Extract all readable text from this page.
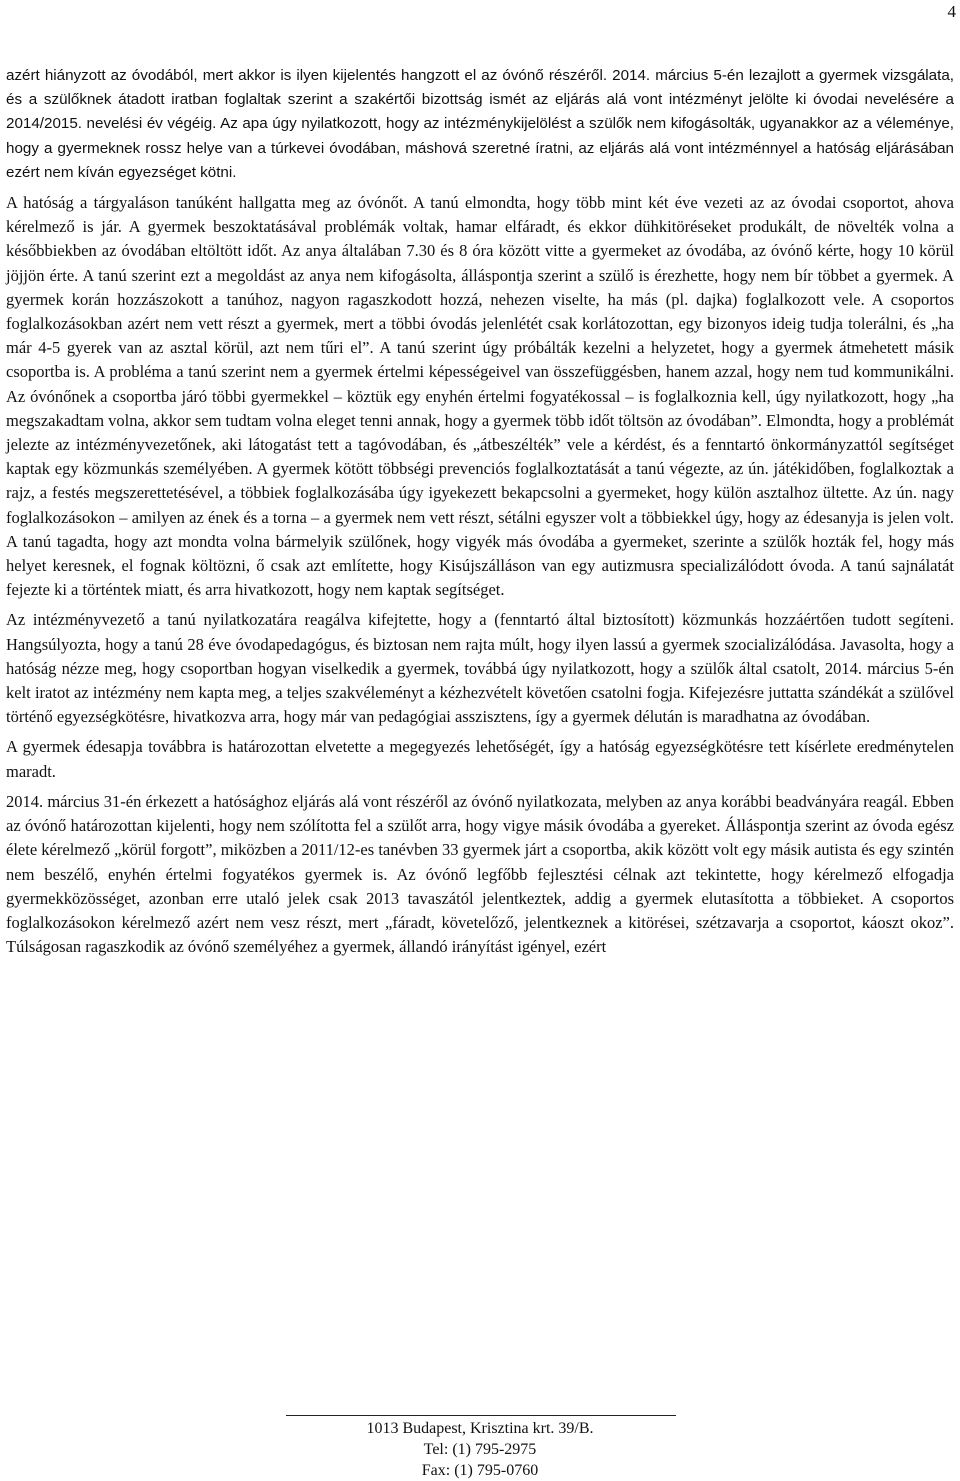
4

azért hiányzott az óvodából, mert akkor is ilyen kijelentés hangzott el az óvónő részéről. 2014. március 5-én lezajlott a gyermek vizsgálata, és a szülőknek átadott iratban foglaltak szerint a szakértői bizottság ismét az eljárás alá vont intézményt jelölte ki óvodai nevelésére a 2014/2015. nevelési év végéig. Az apa úgy nyilatkozott, hogy az intézménykijelölést a szülők nem kifogásolták, ugyanakkor az a véleménye, hogy a gyermeknek rossz helye van a túrkevei óvodában, máshová szeretné íratni, az eljárás alá vont intézménnyel a hatóság eljárásában ezért nem kíván egyezséget kötni.

A hatóság a tárgyaláson tanúként hallgatta meg az óvónőt. A tanú elmondta, hogy több mint két éve vezeti az az óvodai csoportot, ahova kérelmező is jár. A gyermek beszoktatásával problémák voltak, hamar elfáradt, és ekkor dühkitöréseket produkált, de növelték volna a későbbiekben az óvodában eltöltött időt. Az anya általában 7.30 és 8 óra között vitte a gyermeket az óvodába, az óvónő kérte, hogy 10 körül jöjjön érte. A tanú szerint ezt a megoldást az anya nem kifogásolta, álláspontja szerint a szülő is érezhette, hogy nem bír többet a gyermek. A gyermek korán hozzászokott a tanúhoz, nagyon ragaszkodott hozzá, nehezen viselte, ha más (pl. dajka) foglalkozott vele. A csoportos foglalkozásokban azért nem vett részt a gyermek, mert a többi óvodás jelenlétét csak korlátozottan, egy bizonyos ideig tudja tolerálni, és „ha már 4-5 gyerek van az asztal körül, azt nem tűri el”. A tanú szerint úgy próbálták kezelni a helyzetet, hogy a gyermek átmehetett másik csoportba is. A probléma a tanú szerint nem a gyermek értelmi képességeivel van összefüggésben, hanem azzal, hogy nem tud kommunikálni. Az óvónőnek a csoportba járó többi gyermekkel – köztük egy enyhén értelmi fogyatékossal – is foglalkoznia kell, úgy nyilatkozott, hogy „ha megszakadtam volna, akkor sem tudtam volna eleget tenni annak, hogy a gyermek több időt töltsön az óvodában”. Elmondta, hogy a problémát jelezte az intézményvezetőnek, aki látogatást tett a tagóvodában, és „átbeszélték” vele a kérdést, és a fenntartó önkormányzattól segítséget kaptak egy közmunkás személyében. A gyermek kötött többségi prevenciós foglalkoztatását a tanú végezte, az ún. játékidőben, foglalkoztak a rajz, a festés megszerettetésével, a többiek foglalkozásába úgy igyekezett bekapcsolni a gyermeket, hogy külön asztalhoz ültette. Az ún. nagy foglalkozásokon – amilyen az ének és a torna – a gyermek nem vett részt, sétálni egyszer volt a többiekkel úgy, hogy az édesanyja is jelen volt. A tanú tagadta, hogy azt mondta volna bármelyik szülőnek, hogy vigyék más óvodába a gyermeket, szerinte a szülők hozták fel, hogy más helyet keresnek, el fognak költözni, ő csak azt említette, hogy Kisújszálláson van egy autizmusra specializálódott óvoda. A tanú sajnálatát fejezte ki a történtek miatt, és arra hivatkozott, hogy nem kaptak segítséget.

Az intézményvezető a tanú nyilatkozatára reagálva kifejtette, hogy a (fenntartó által biztosított) közmunkás hozzáértően tudott segíteni. Hangsúlyozta, hogy a tanú 28 éve óvodapedagógus, és biztosan nem rajta múlt, hogy ilyen lassú a gyermek szocializálódása. Javasolta, hogy a hatóság nézze meg, hogy csoportban hogyan viselkedik a gyermek, továbbá úgy nyilatkozott, hogy a szülők által csatolt, 2014. március 5-én kelt iratot az intézmény nem kapta meg, a teljes szakvéleményt a kézhezvételt követően csatolni fogja. Kifejezésre juttatta szándékát a szülővel történő egyezségkötésre, hivatkozva arra, hogy már van pedagógiai asszisztens, így a gyermek délután is maradhatna az óvodában.

A gyermek édesapja továbbra is határozottan elvetette a megegyezés lehetőségét, így a hatóság egyezségkötésre tett kísérlete eredménytelen maradt.

2014. március 31-én érkezett a hatósághoz eljárás alá vont részéről az óvónő nyilatkozata, melyben az anya korábbi beadványára reagál. Ebben az óvónő határozottan kijelenti, hogy nem szólította fel a szülőt arra, hogy vigye másik óvodába a gyereket. Álláspontja szerint az óvoda egész élete kérelmező „körül forgott”, miközben a 2011/12-es tanévben 33 gyermek járt a csoportba, akik között volt egy másik autista és egy szintén nem beszélő, enyhén értelmi fogyatékos gyermek is. Az óvónő legfőbb fejlesztési célnak azt tekintette, hogy kérelmező elfogadja gyermekközösséget, azonban erre utaló jelek csak 2013 tavaszától jelentkeztek, addig a gyermek elutasította a többieket. A csoportos foglalkozásokon kérelmező azért nem vesz részt, mert „fáradt, követelőző, jelentkeznek a kitörései, szétzavarja a csoportot, káoszt okoz”. Túlságosan ragaszkodik az óvónő személyéhez a gyermek, állandó irányítást igényel, ezért

1013 Budapest, Krisztina krt. 39/B.
Tel: (1) 795-2975
Fax: (1) 795-0760
